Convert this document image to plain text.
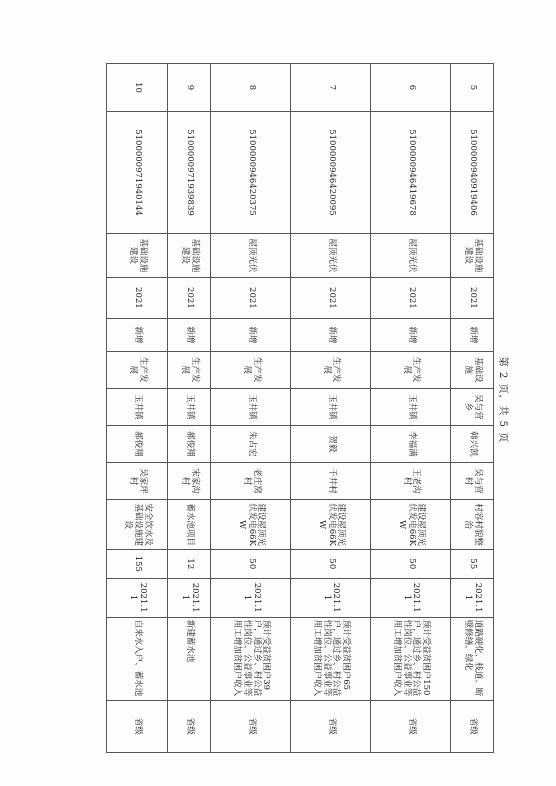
5	5100000940919406	基础设施建设	2021	新增	基础设施	吴与营乡	韩兴凯	吴与营村	村容村貌整治	55	2021.11	道路硬化、栈道、断壁修缮、绿化	省级
6	5100000946419678	屋顶光伏	2021	新增	生产发展	玉井镇	李福满	王老沟村	建设屋顶光伏发电66KW	50	2021.11	预计受益贫困户150户，通过乡、村公益性岗位、公益事业等用工增加贫困户收入	省级
7	5100000946420095	屋顶光伏	2021	新增	生产发展	玉井镇	贺毅	千井村	建设屋顶光伏发电66KW	50	2021.11	预计受益贫困户65户，通过乡、村公益性岗位、公益事业等用工增加贫困户收入	省级
8	5100000946420375	屋顶光伏	2021	新增	生产发展	玉井镇	朱占宏	老庄窝村	建设屋顶光伏发电66KW	50	2021.11	预计受益贫困户39户，通过乡、村公益性岗位、公益事业等用工增加贫困户收入	省级
9	5100000971939839	基础设施建设	2021	新增	生产发展	玉井镇	郝俊翔	宋家沟村	蓄水池项目	12	2021.11	新建蓄水池	省级
10	5100000971940144	基础设施建设	2021	新增	生产发展	玉井镇	郝俊翔	吴家坪村	安全饮水及基础设施建设	155	2021.11	自来水入户、蓄水池	省级
第 2 页，共 5 页
